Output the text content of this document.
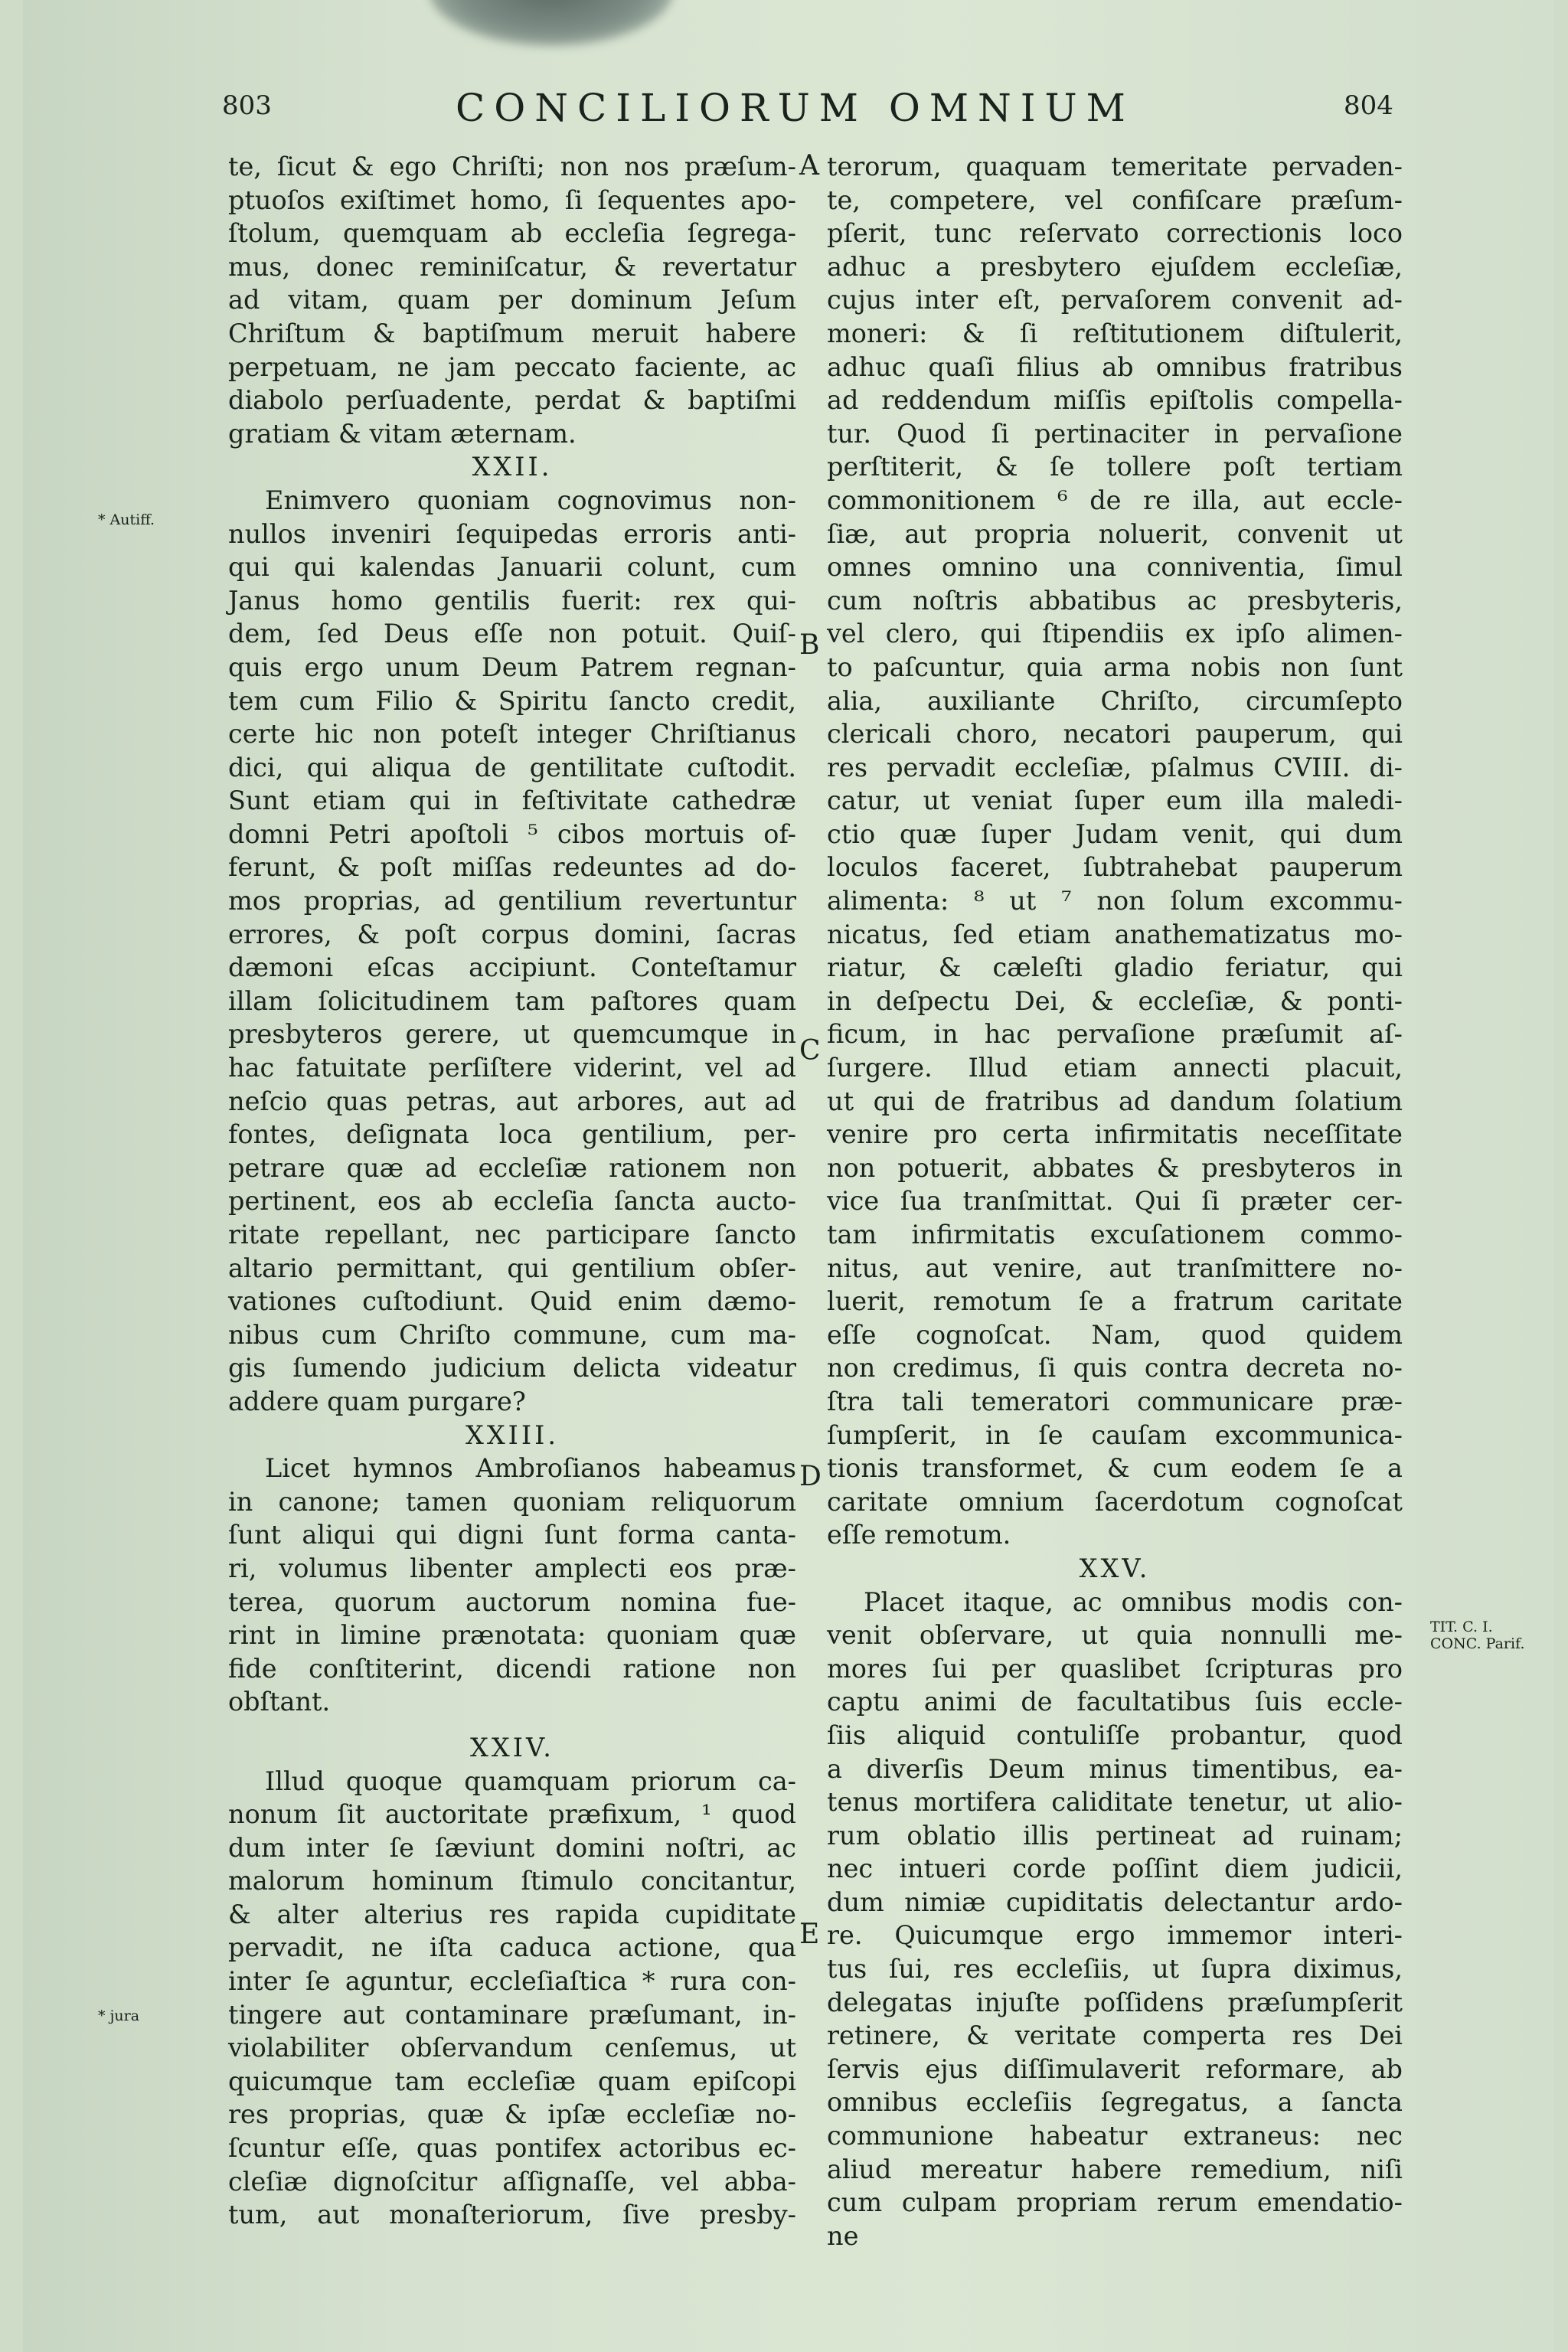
803	CONCILIORUM OMNIUM	804
te, ſicut & ego Chriſti; non nos præſum-
ptuoſos exiſtimet homo, ſi ſequentes apo-
ſtolum, quemquam ab eccleſia ſegrega-
mus, donec reminiſcatur, & revertatur
ad vitam, quam per dominum Jeſum
Chriſtum & baptiſmum meruit habere
perpetuam, ne jam peccato faciente, ac
diabolo perſuadente, perdat & baptiſmi
gratiam & vitam æternam.
XXII.
Enimvero quoniam cognovimus non-
nullos inveniri ſequipedas erroris anti-
qui qui kalendas Januarii colunt, cum
Janus homo gentilis fuerit: rex qui-
dem, ſed Deus eſſe non potuit. Quiſ-
quis ergo unum Deum Patrem regnan-
tem cum Filio & Spiritu ſancto credit,
certe hic non poteſt integer Chriſtianus
dici, qui aliqua de gentilitate cuſtodit.
Sunt etiam qui in feſtivitate cathedræ
domni Petri apoſtoli ⁵ cibos mortuis of-
ferunt, & poſt miſſas redeuntes ad do-
mos proprias, ad gentilium revertuntur
errores, & poſt corpus domini, ſacras
dæmoni eſcas accipiunt. Conteſtamur
illam ſolicitudinem tam paſtores quam
presbyteros gerere, ut quemcumque in
hac fatuitate perſiſtere viderint, vel ad
neſcio quas petras, aut arbores, aut ad
fontes, deſignata loca gentilium, per-
petrare quæ ad eccleſiæ rationem non
pertinent, eos ab eccleſia ſancta aucto-
ritate repellant, nec participare ſancto
altario permittant, qui gentilium obſer-
vationes cuſtodiunt. Quid enim dæmo-
nibus cum Chriſto commune, cum ma-
gis ſumendo judicium delicta videatur
addere quam purgare?
XXIII.
Licet hymnos Ambroſianos habeamus
in canone; tamen quoniam reliquorum
ſunt aliqui qui digni ſunt forma canta-
ri, volumus libenter amplecti eos præ-
terea, quorum auctorum nomina fue-
rint in limine prænotata: quoniam quæ
fide conſtiterint, dicendi ratione non
obſtant.
XXIV.
Illud quoque quamquam priorum ca-
nonum ſit auctoritate præfixum, ¹ quod
dum inter ſe ſæviunt domini noſtri, ac
malorum hominum ſtimulo concitantur,
& alter alterius res rapida cupiditate
pervadit, ne iſta caduca actione, qua
inter ſe aguntur, eccleſiaſtica * rura con-
tingere aut contaminare præſumant, in-
violabiliter obſervandum cenſemus, ut
quicumque tam eccleſiæ quam epiſcopi
res proprias, quæ & ipſæ eccleſiæ no-
ſcuntur eſſe, quas pontifex actoribus ec-
cleſiæ dignoſcitur aſſignaſſe, vel abba-
tum, aut monaſteriorum, ſive presby-
terorum, quaquam temeritate pervaden-
te, competere, vel confiſcare præſum-
pſerit, tunc reſervato correctionis loco
adhuc a presbytero ejuſdem eccleſiæ,
cujus inter eſt, pervaſorem convenit ad-
moneri: & ſi reſtitutionem diſtulerit,
adhuc quaſi filius ab omnibus fratribus
ad reddendum miſſis epiſtolis compella-
tur. Quod ſi pertinaciter in pervaſione
perſtiterit, & ſe tollere poſt tertiam
commonitionem ⁶ de re illa, aut eccle-
ſiæ, aut propria noluerit, convenit ut
omnes omnino una conniventia, ſimul
cum noſtris abbatibus ac presbyteris,
vel clero, qui ſtipendiis ex ipſo alimen-
to paſcuntur, quia arma nobis non ſunt
alia, auxiliante Chriſto, circumſepto
clericali choro, necatori pauperum, qui
res pervadit eccleſiæ, pſalmus CVIII. di-
catur, ut veniat ſuper eum illa maledi-
ctio quæ ſuper Judam venit, qui dum
loculos faceret, ſubtrahebat pauperum
alimenta: ⁸ ut ⁷ non ſolum excommu-
nicatus, ſed etiam anathematizatus mo-
riatur, & cæleſti gladio feriatur, qui
in deſpectu Dei, & eccleſiæ, & ponti-
ficum, in hac pervaſione præſumit aſ-
ſurgere. Illud etiam annecti placuit,
ut qui de fratribus ad dandum ſolatium
venire pro certa infirmitatis neceſſitate
non potuerit, abbates & presbyteros in
vice ſua tranſmittat. Qui ſi præter cer-
tam infirmitatis excuſationem commo-
nitus, aut venire, aut tranſmittere no-
luerit, remotum ſe a fratrum caritate
eſſe cognoſcat. Nam, quod quidem
non credimus, ſi quis contra decreta no-
ſtra tali temeratori communicare præ-
ſumpſerit, in ſe cauſam excommunica-
tionis transformet, & cum eodem ſe a
caritate omnium ſacerdotum cognoſcat
eſſe remotum.
XXV.
Placet itaque, ac omnibus modis con-
venit obſervare, ut quia nonnulli me-
mores ſui per quaslibet ſcripturas pro
captu animi de facultatibus ſuis eccle-
ſiis aliquid contuliſſe probantur, quod
a diverſis Deum minus timentibus, ea-
tenus mortifera caliditate tenetur, ut alio-
rum oblatio illis pertineat ad ruinam;
nec intueri corde poſſint diem judicii,
dum nimiæ cupiditatis delectantur ardo-
re. Quicumque ergo immemor interi-
tus ſui, res eccleſiis, ut ſupra diximus,
delegatas injuſte poſſidens præſumpſerit
retinere, & veritate comperta res Dei
ſervis ejus diſſimulaverit reformare, ab
omnibus eccleſiis ſegregatus, a ſancta
communione habeatur extraneus: nec
aliud mereatur habere remedium, niſi
cum culpam propriam rerum emendatio-
ne
A
B
C
D
E
* Autiff.
* jura
TIT. C. I. CONC. Parif.
